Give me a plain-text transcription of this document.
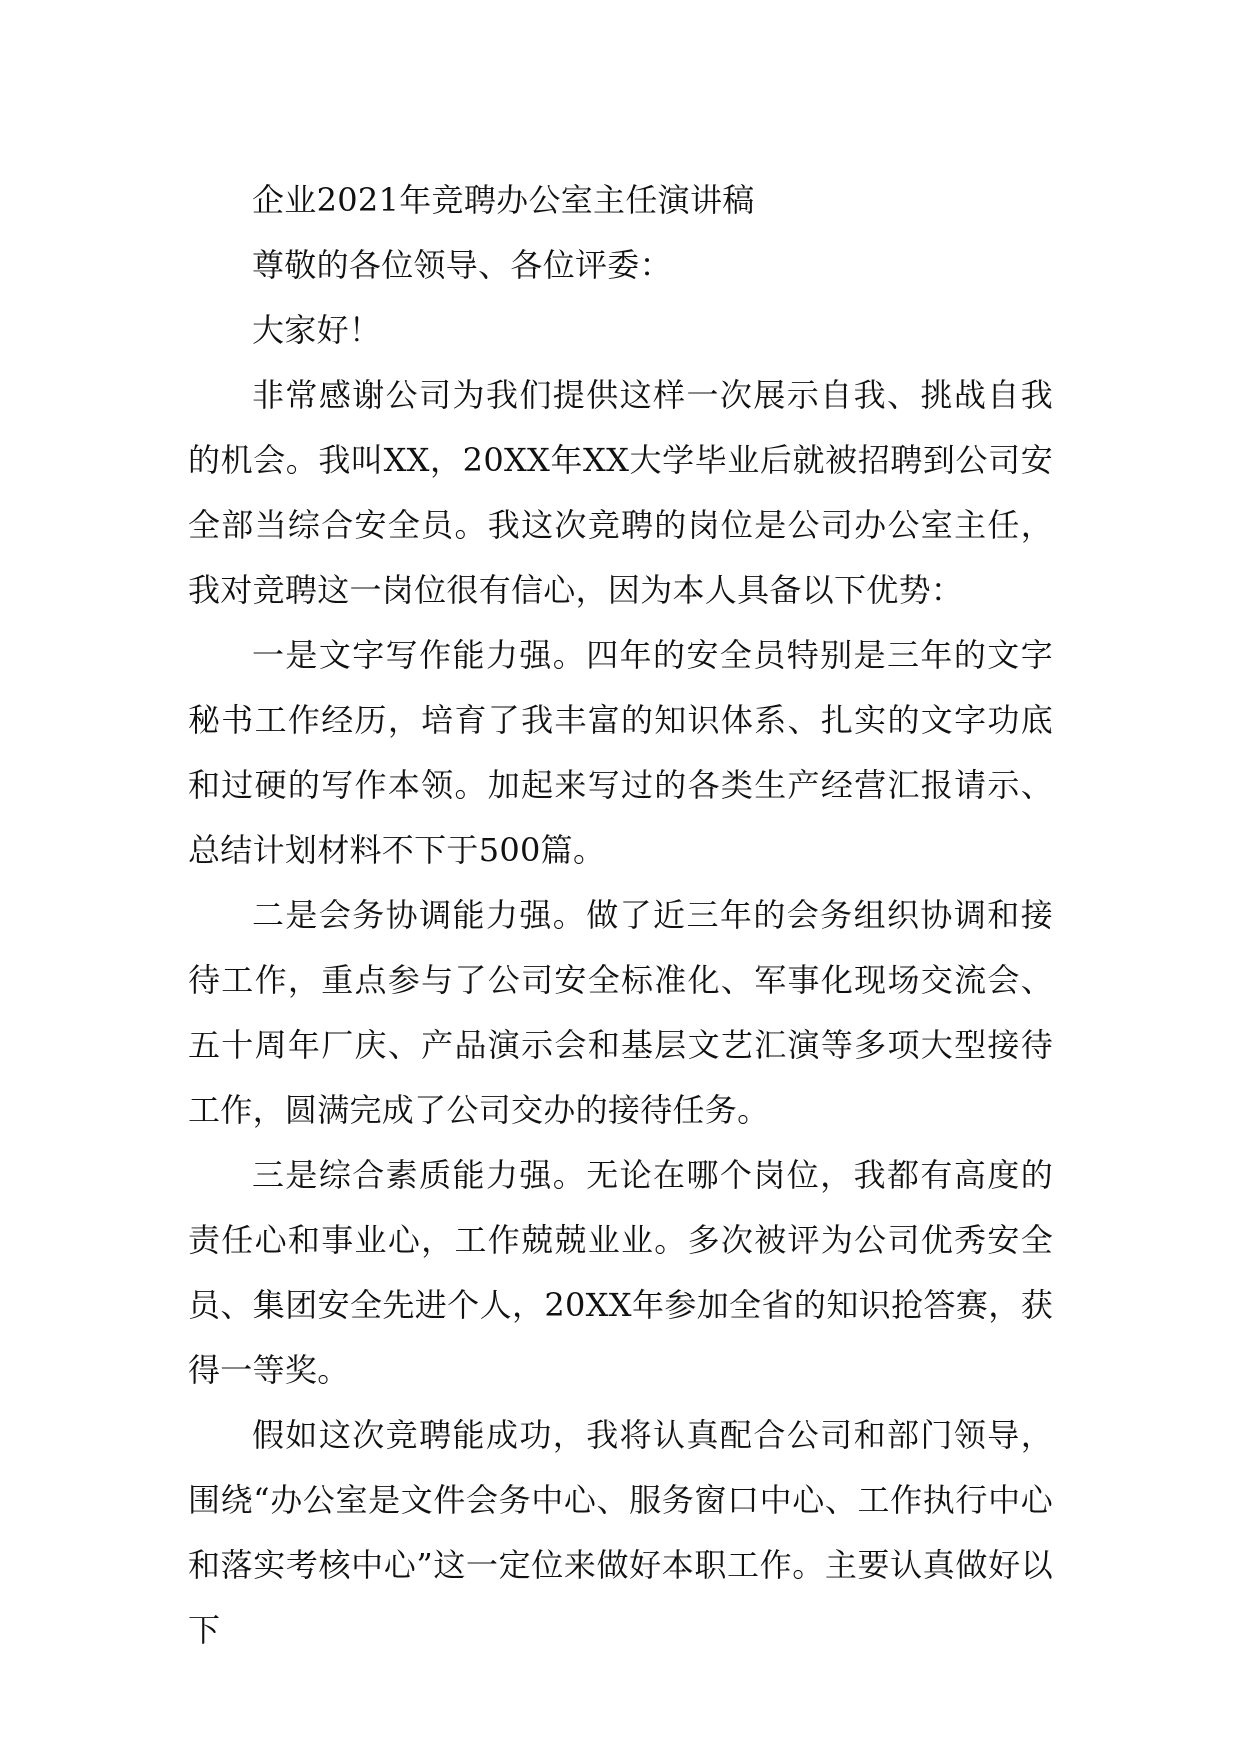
企业2021年竞聘办公室主任演讲稿

尊敬的各位领导、各位评委：

大家好！

非常感谢公司为我们提供这样一次展示自我、挑战自我的机会。我叫XX，20XX年XX大学毕业后就被招聘到公司安全部当综合安全员。我这次竞聘的岗位是公司办公室主任，我对竞聘这一岗位很有信心，因为本人具备以下优势：

一是文字写作能力强。四年的安全员特别是三年的文字秘书工作经历，培育了我丰富的知识体系、扎实的文字功底和过硬的写作本领。加起来写过的各类生产经营汇报请示、总结计划材料不下于500篇。

二是会务协调能力强。做了近三年的会务组织协调和接待工作，重点参与了公司安全标准化、军事化现场交流会、五十周年厂庆、产品演示会和基层文艺汇演等多项大型接待工作，圆满完成了公司交办的接待任务。

三是综合素质能力强。无论在哪个岗位，我都有高度的责任心和事业心，工作兢兢业业。多次被评为公司优秀安全员、集团安全先进个人，20XX年参加全省的知识抢答赛，获得一等奖。

假如这次竞聘能成功，我将认真配合公司和部门领导，围绕“办公室是文件会务中心、服务窗口中心、工作执行中心和落实考核中心”这一定位来做好本职工作。主要认真做好以下
